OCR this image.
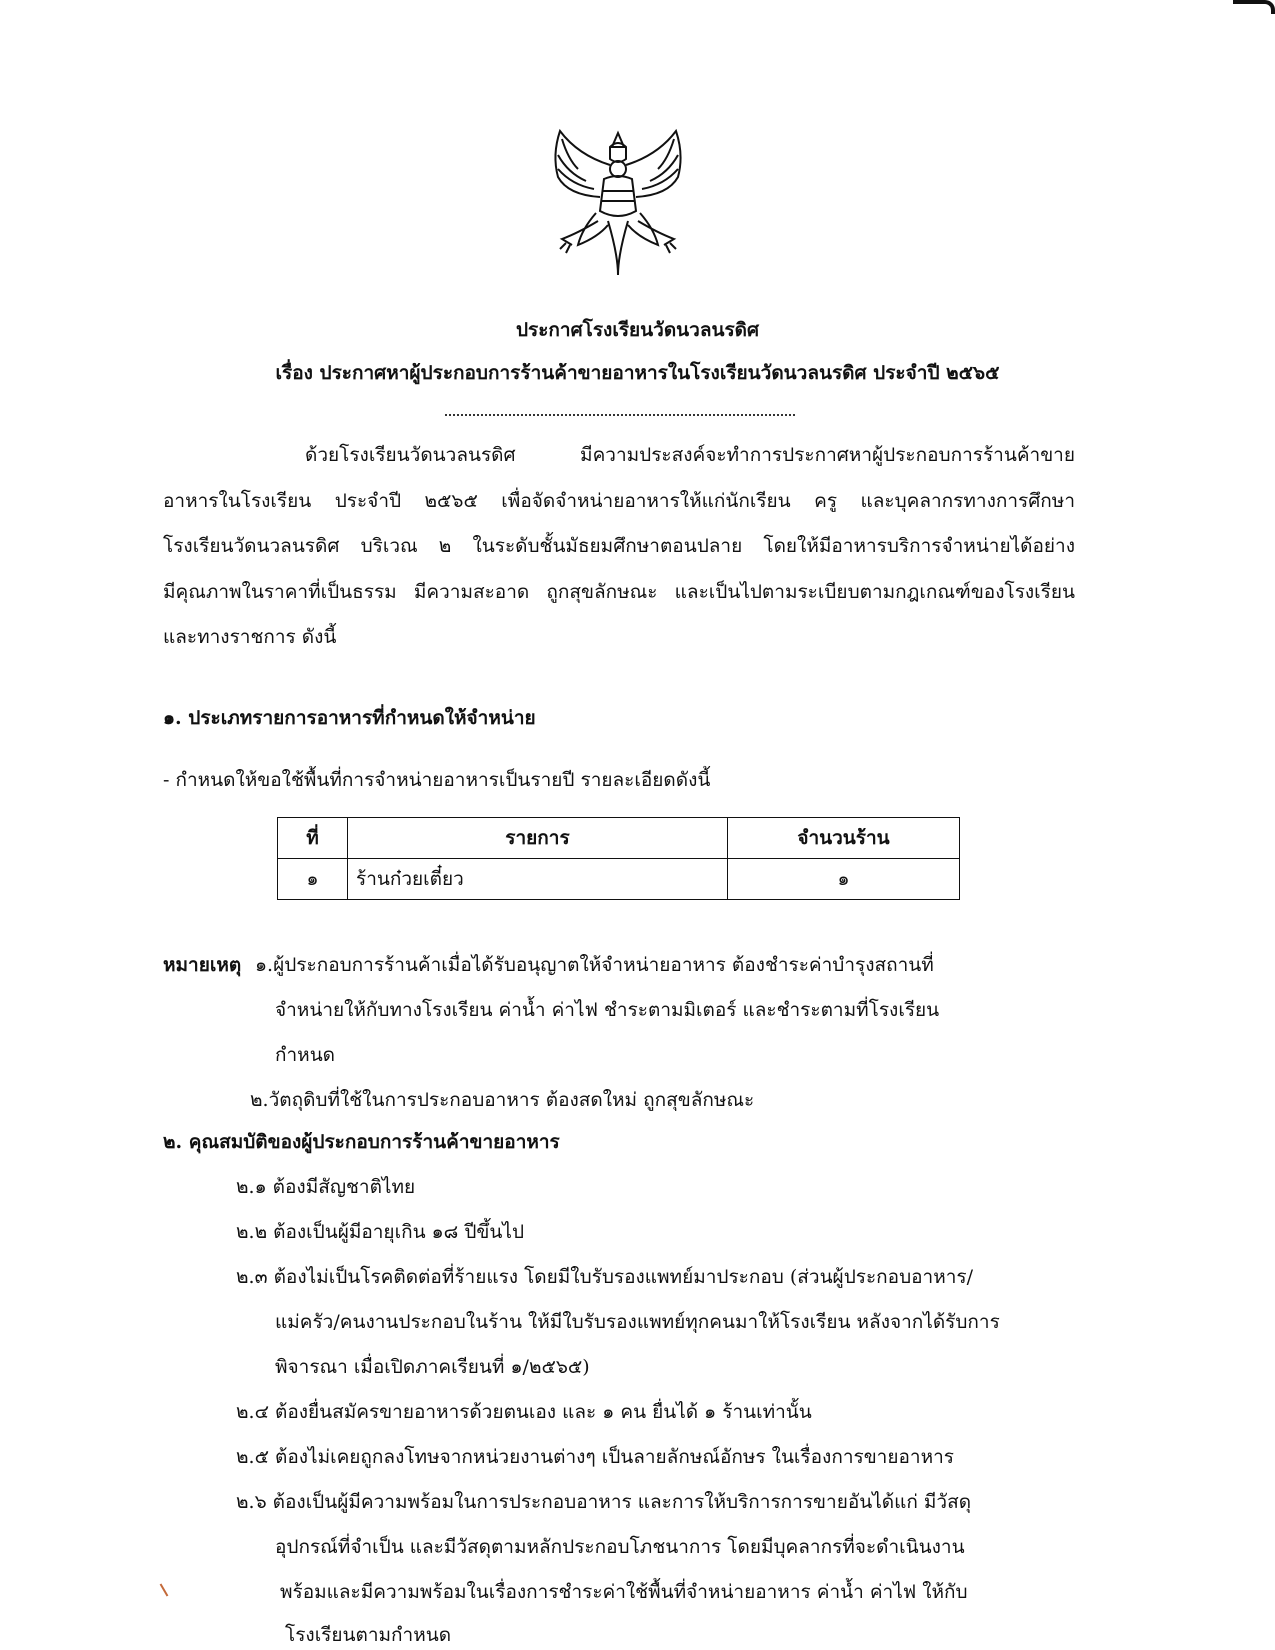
ประกาศโรงเรียนวัดนวลนรดิศ
เรื่อง ประกาศหาผู้ประกอบการร้านค้าขายอาหารในโรงเรียนวัดนวลนรดิศ ประจำปี ๒๕๖๕
ด้วยโรงเรียนวัดนวลนรดิศ มีความประสงค์จะทำการประกาศหาผู้ประกอบการร้านค้าขาย
อาหารในโรงเรียน ประจำปี ๒๕๖๕ เพื่อจัดจำหน่ายอาหารให้แก่นักเรียน ครู และบุคลากรทางการศึกษา
โรงเรียนวัดนวลนรดิศ บริเวณ ๒ ในระดับชั้นมัธยมศึกษาตอนปลาย โดยให้มีอาหารบริการจำหน่ายได้อย่าง
มีคุณภาพในราคาที่เป็นธรรม มีความสะอาด ถูกสุขลักษณะ และเป็นไปตามระเบียบตามกฎเกณฑ์ของโรงเรียน
และทางราชการ ดังนี้
๑. ประเภทรายการอาหารที่กำหนดให้จำหน่าย
- กำหนดให้ขอใช้พื้นที่การจำหน่ายอาหารเป็นรายปี รายละเอียดดังนี้
ที่	รายการ	จำนวนร้าน
๑	ร้านก๋วยเตี๋ยว	๑
หมายเหตุ ๑.ผู้ประกอบการร้านค้าเมื่อได้รับอนุญาตให้จำหน่ายอาหาร ต้องชำระค่าบำรุงสถานที่
จำหน่ายให้กับทางโรงเรียน ค่าน้ำ ค่าไฟ ชำระตามมิเตอร์ และชำระตามที่โรงเรียน
กำหนด
๒.วัตถุดิบที่ใช้ในการประกอบอาหาร ต้องสดใหม่ ถูกสุขลักษณะ
๒. คุณสมบัติของผู้ประกอบการร้านค้าขายอาหาร
๒.๑ ต้องมีสัญชาติไทย
๒.๒ ต้องเป็นผู้มีอายุเกิน ๑๘ ปีขึ้นไป
๒.๓ ต้องไม่เป็นโรคติดต่อที่ร้ายแรง โดยมีใบรับรองแพทย์มาประกอบ (ส่วนผู้ประกอบอาหาร/
แม่ครัว/คนงานประกอบในร้าน ให้มีใบรับรองแพทย์ทุกคนมาให้โรงเรียน หลังจากได้รับการ
พิจารณา เมื่อเปิดภาคเรียนที่ ๑/๒๕๖๕)
๒.๔ ต้องยื่นสมัครขายอาหารด้วยตนเอง และ ๑ คน ยื่นได้ ๑ ร้านเท่านั้น
๒.๕ ต้องไม่เคยถูกลงโทษจากหน่วยงานต่างๆ เป็นลายลักษณ์อักษร ในเรื่องการขายอาหาร
๒.๖ ต้องเป็นผู้มีความพร้อมในการประกอบอาหาร และการให้บริการการขายอันได้แก่ มีวัสดุ
อุปกรณ์ที่จำเป็น และมีวัสดุตามหลักประกอบโภชนาการ โดยมีบุคลากรที่จะดำเนินงาน
พร้อมและมีความพร้อมในเรื่องการชำระค่าใช้พื้นที่จำหน่ายอาหาร ค่าน้ำ ค่าไฟ ให้กับ
โรงเรียนตามกำหนด
